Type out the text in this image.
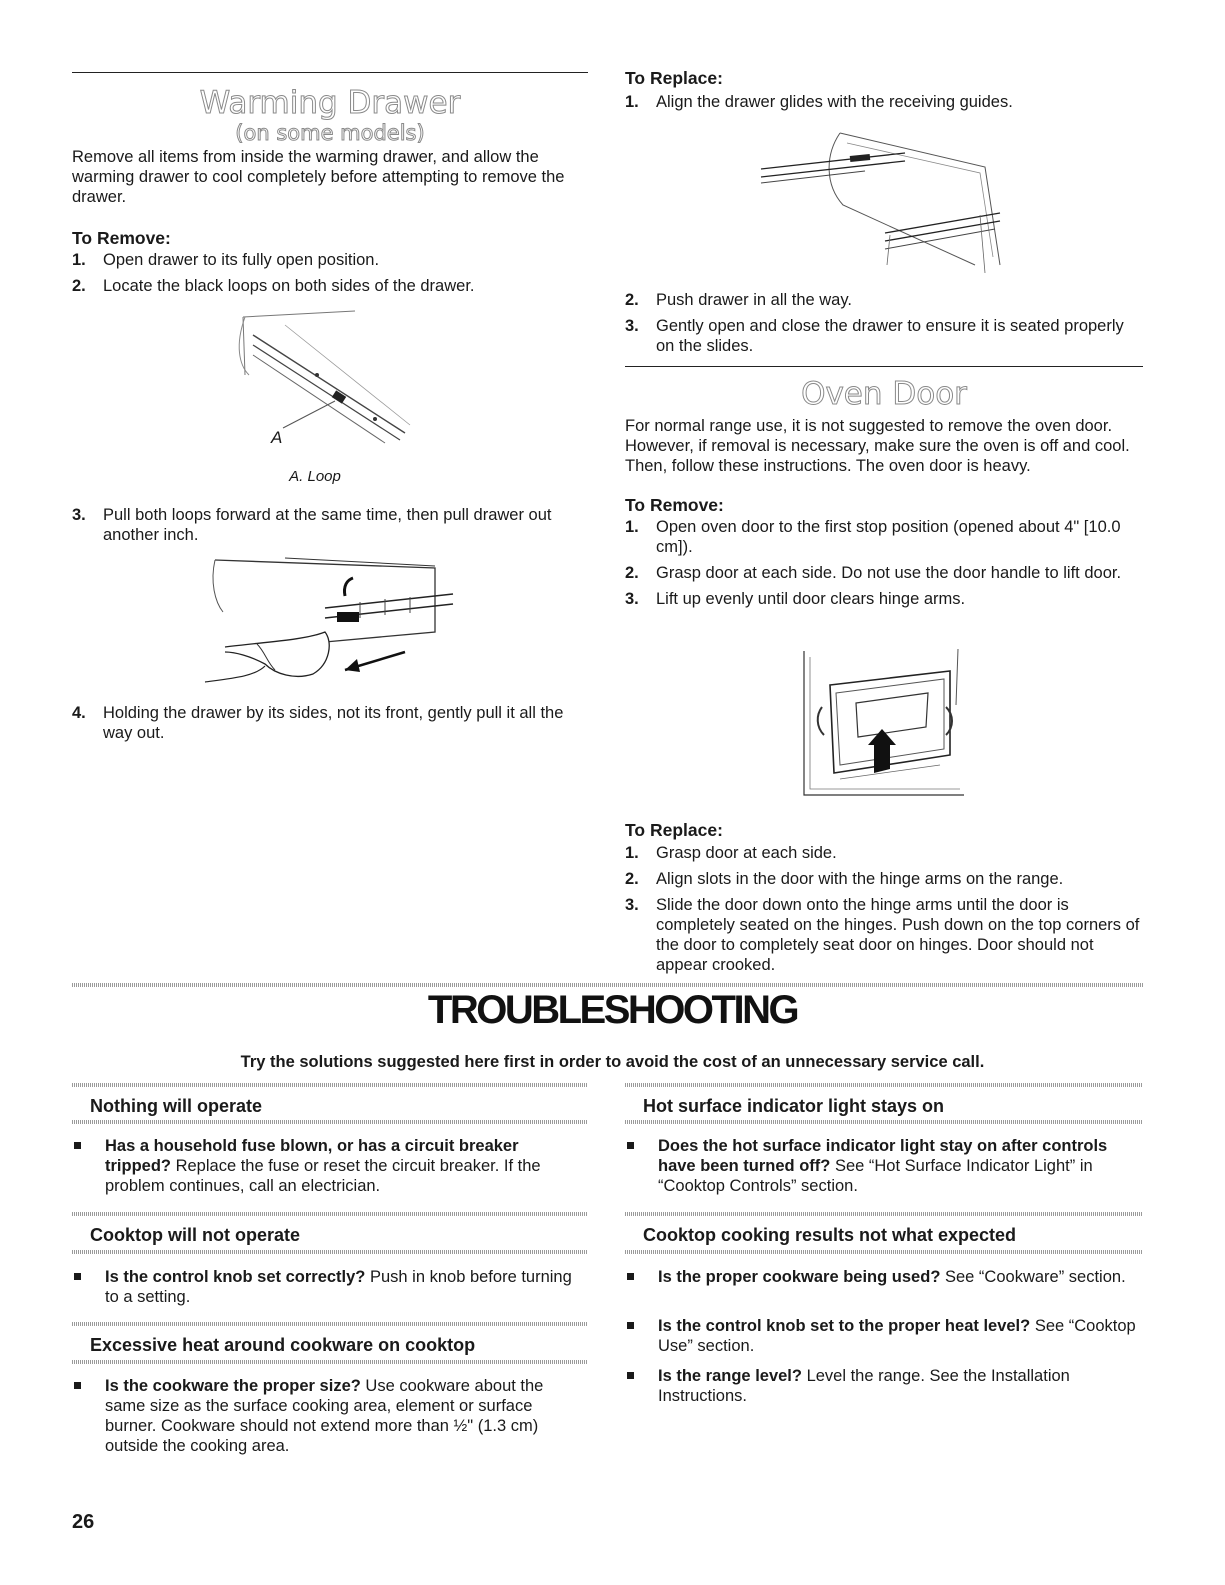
Warming Drawer
(on some models)
Remove all items from inside the warming drawer, and allow the warming drawer to cool completely before attempting to remove the drawer.
To Remove:
1. Open drawer to its fully open position.
2. Locate the black loops on both sides of the drawer.
A
A. Loop
3. Pull both loops forward at the same time, then pull drawer out another inch.
4. Holding the drawer by its sides, not its front, gently pull it all the way out.
To Replace:
1. Align the drawer glides with the receiving guides.
2. Push drawer in all the way.
3. Gently open and close the drawer to ensure it is seated properly on the slides.
Oven Door
For normal range use, it is not suggested to remove the oven door. However, if removal is necessary, make sure the oven is off and cool. Then, follow these instructions. The oven door is heavy.
To Remove:
1. Open oven door to the first stop position (opened about 4" [10.0 cm]).
2. Grasp door at each side. Do not use the door handle to lift door.
3. Lift up evenly until door clears hinge arms.
To Replace:
1. Grasp door at each side.
2. Align slots in the door with the hinge arms on the range.
3. Slide the door down onto the hinge arms until the door is completely seated on the hinges. Push down on the top corners of the door to completely seat door on hinges. Door should not appear crooked.
TROUBLESHOOTING
Try the solutions suggested here first in order to avoid the cost of an unnecessary service call.
Nothing will operate
Has a household fuse blown, or has a circuit breaker tripped? Replace the fuse or reset the circuit breaker. If the problem continues, call an electrician.
Cooktop will not operate
Is the control knob set correctly? Push in knob before turning to a setting.
Excessive heat around cookware on cooktop
Is the cookware the proper size? Use cookware about the same size as the surface cooking area, element or surface burner. Cookware should not extend more than ½" (1.3 cm) outside the cooking area.
Hot surface indicator light stays on
Does the hot surface indicator light stay on after controls have been turned off? See “Hot Surface Indicator Light” in “Cooktop Controls” section.
Cooktop cooking results not what expected
Is the proper cookware being used? See “Cookware” section.
Is the control knob set to the proper heat level? See “Cooktop Use” section.
Is the range level? Level the range. See the Installation Instructions.
26
